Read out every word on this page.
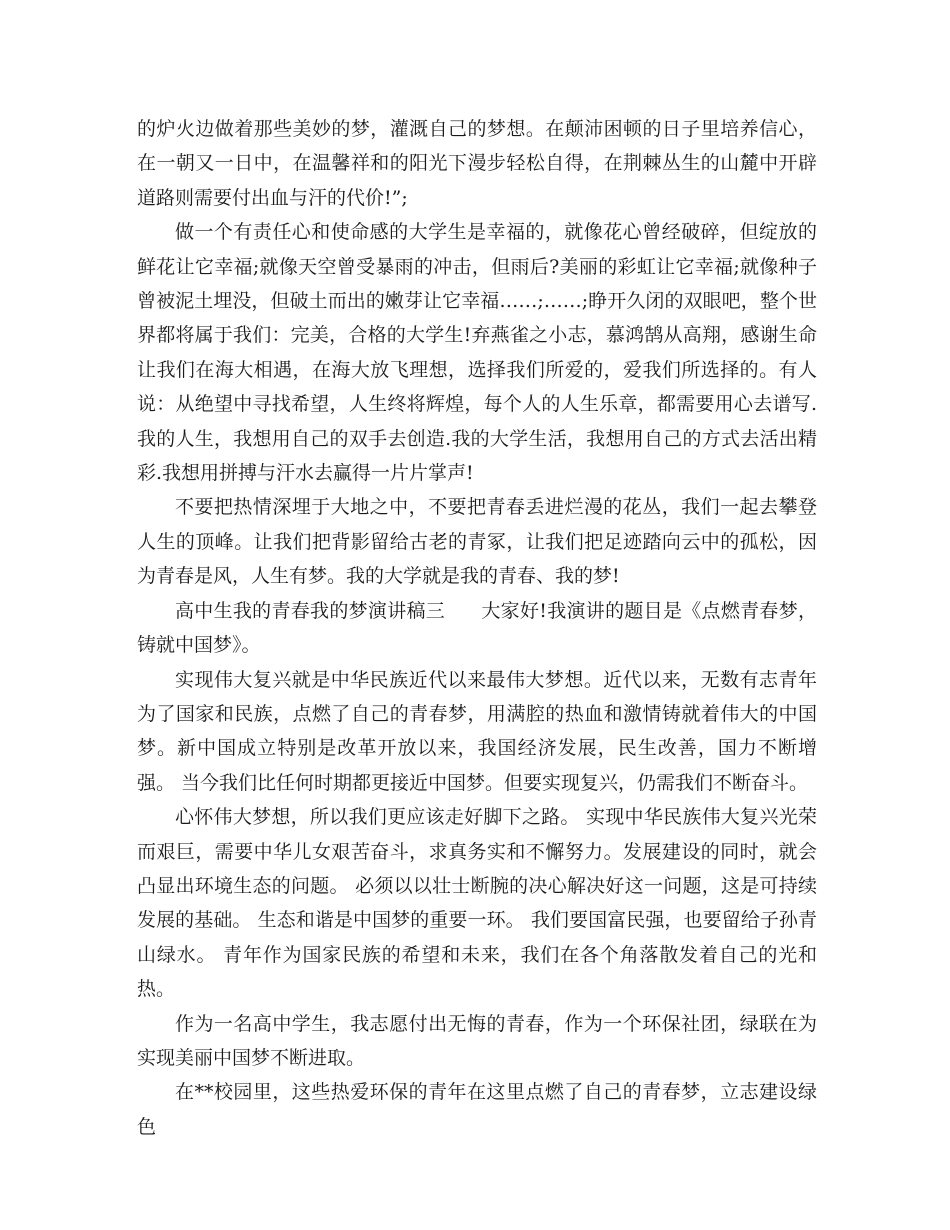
的炉火边做着那些美妙的梦，灌溉自己的梦想。在颠沛困顿的日子里培养信心，在一朝又一日中，在温馨祥和的阳光下漫步轻松自得，在荆棘丛生的山麓中开辟道路则需要付出血与汗的代价!”;

做一个有责任心和使命感的大学生是幸福的，就像花心曾经破碎，但绽放的鲜花让它幸福;就像天空曾受暴雨的冲击，但雨后?美丽的彩虹让它幸福;就像种子曾被泥土埋没，但破土而出的嫩芽让它幸福……;……;睁开久闭的双眼吧，整个世界都将属于我们：完美，合格的大学生!弃燕雀之小志，慕鸿鹄从高翔，感谢生命让我们在海大相遇，在海大放飞理想，选择我们所爱的，爱我们所选择的。有人说：从绝望中寻找希望，人生终将辉煌，每个人的人生乐章，都需要用心去谱写.我的人生，我想用自己的双手去创造.我的大学生活，我想用自己的方式去活出精彩.我想用拼搏与汗水去赢得一片片掌声!

不要把热情深埋于大地之中，不要把青春丢进烂漫的花丛，我们一起去攀登人生的顶峰。让我们把背影留给古老的青冢，让我们把足迹踏向云中的孤松，因为青春是风，人生有梦。我的大学就是我的青春、我的梦!

高中生我的青春我的梦演讲稿三 大家好!我演讲的题目是《点燃青春梦，铸就中国梦》。

实现伟大复兴就是中华民族近代以来最伟大梦想。近代以来，无数有志青年为了国家和民族，点燃了自己的青春梦，用满腔的热血和激情铸就着伟大的中国梦。新中国成立特别是改革开放以来，我国经济发展，民生改善，国力不断增强。 当今我们比任何时期都更接近中国梦。但要实现复兴，仍需我们不断奋斗。

心怀伟大梦想，所以我们更应该走好脚下之路。 实现中华民族伟大复兴光荣而艰巨，需要中华儿女艰苦奋斗，求真务实和不懈努力。发展建设的同时，就会凸显出环境生态的问题。 必须以以壮士断腕的决心解决好这一问题，这是可持续发展的基础。 生态和谐是中国梦的重要一环。 我们要国富民强，也要留给子孙青山绿水。 青年作为国家民族的希望和未来，我们在各个角落散发着自己的光和热。

作为一名高中学生，我志愿付出无悔的青春，作为一个环保社团，绿联在为实现美丽中国梦不断进取。

在**校园里，这些热爱环保的青年在这里点燃了自己的青春梦，立志建设绿色
